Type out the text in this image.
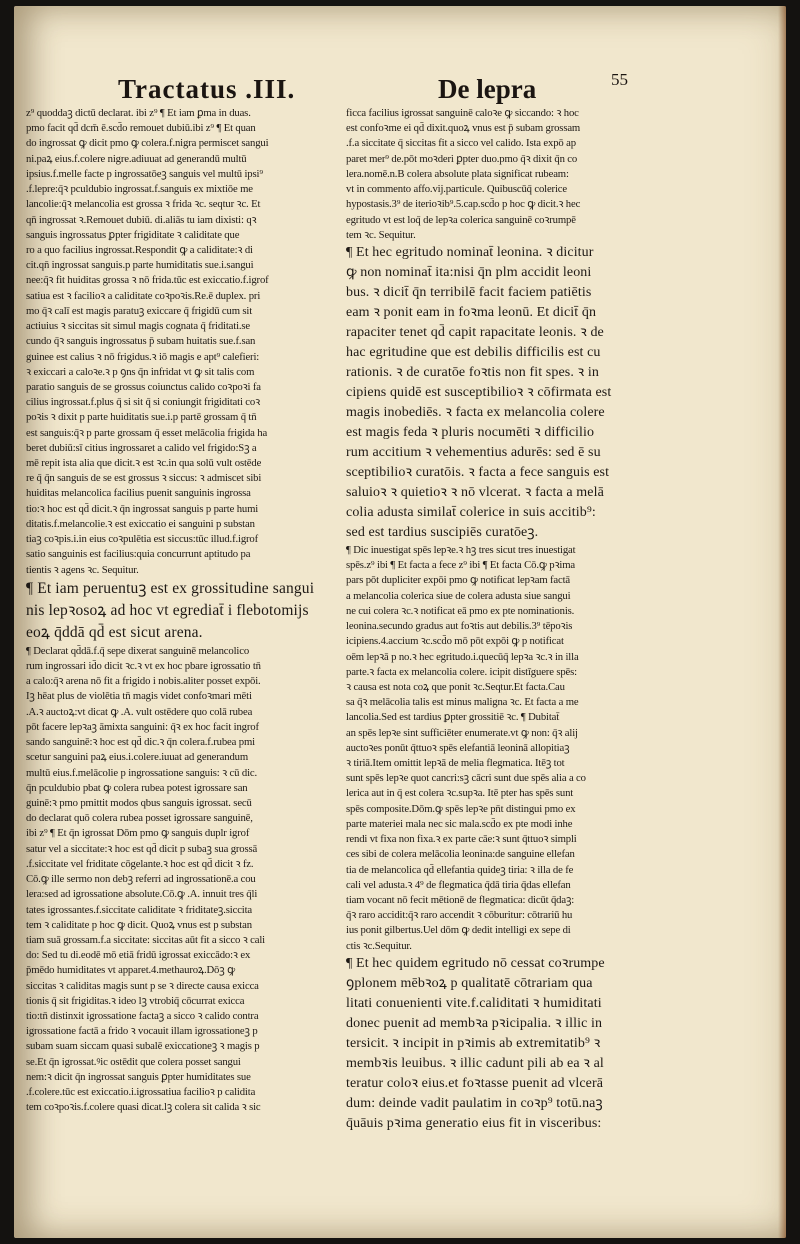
Tractatus .III.	De lepra	55
z⁹ quoddaꝫ dictū declarat. ibi z⁹ ¶ Et iam ꝑma in duas.
pmo facit qd̄ dcm̄ ē.scd̄o remouet dubiū.ibi z⁹ ¶ Et quan
do ingrossat ꝙ dicit pmo ꝙ colera.f.nigra permiscet sangui
ni.paꝝ eius.f.colere nigre.adiuuat ad generandū multū
ipsius.f.melle facte p ingrossatōeꝫ sanguis vel multū ipsi⁹
.f.lepre:q̄ꝛ pculdubio ingrossat.f.sanguis ex mixtiōe me
lancolie:q̄ꝛ melancolia est grossa ꝛ frida ꝛc. seqtur ꝛc. Et
qn̄ ingrossat ꝛ.Remouet dubiū. di.aliās tu iam dixisti: qꝛ
sanguis ingrossatus ꝑpter frigiditate ꝛ caliditate que
ro a quo facilius ingrossat.Respondit ꝙ a caliditate:ꝛ di
cit.qn̄ ingrossat sanguis.p parte humiditatis sue.i.sangui
nee:q̄ꝛ fit huiditas grossa ꝛ nō frida.tūc est exiccatio.f.igrof
satiua est ꝛ facilioꝛ a caliditate coꝛpoꝛis.Re.ē duplex. pri
mo q̄ꝛ calī est magis paratuꝫ exiccare q̄ frigidū cum sit
actiuius ꝛ siccitas sit simul magis cognata q̄ friditati.se
cundo q̄ꝛ sanguis ingrossatus p̄ subam huitatis sue.f.san
guinee est calius ꝛ nō frigidus.ꝛ iō magis e apt⁹ calefieri:
ꝛ exiccari a caloꝛe.ꝛ p ꝯns q̄n infridat vt ꝙ sit talis com
paratio sanguis de se grossus coiunctus calido coꝛpoꝛi fa
cilius ingrossat.f.plus q̄ si sit q̄ si coniungit frigiditati coꝛ
poꝛis ꝛ dixit p parte huiditatis sue.i.p partē grossam q̄ tn̄
est sanguis:q̄ꝛ p parte grossam q̄ esset melācolia frigida ha
beret dubiū:sī citius ingrossaret a calido vel frigido:Sꝫ a
mē repit ista alia que dicit.ꝛ est ꝛc.in qua solū vult ostēde
re q̄ q̄n sanguis de se est grossus ꝛ siccus: ꝛ admiscet sibi
huiditas melancolica facilius puenit sanguinis ingrossa
tio:ꝛ hoc est qd̄ dicit.ꝛ q̄n ingrossat sanguis p parte humi
ditatis.f.melancolie.ꝛ est exiccatio ei sanguini p substan
tiaꝫ coꝛpis.i.in eius coꝛpulētia est siccus:tūc illud.f.igrof
satio sanguinis est facilius:quia concurrunt aptitudo pa
tientis ꝛ agens ꝛc. Sequitur.
¶ Et iam peruentuꝫ est ex grossitudine sangui
nis lepꝛosoꝝ ad hoc vt egrediat̄ i flebotomijs
eoꝝ q̄ddā qd̄ est sicut arena.
¶ Declarat qd̄dā.f.q̄ sepe dixerat sanguinē melancolico
rum ingrossari id̄o dicit ꝛc.ꝛ vt ex hoc pbare igrossatio tn̄
a calo:q̄ꝛ arena nō fit a frigido i nobis.aliter posset expōi.
Iꝫ hēat plus de violētia tn̄ magis videt confoꝛmari mēti
.A.ꝛ auctoꝝ:vt dicat ꝙ .A. vult ostēdere quo colā rubea
pōt facere lepꝛaꝫ āmixta sanguini: q̄ꝛ ex hoc facit ingrof
sando sanguinē:ꝛ hoc est qd̄ dic.ꝛ q̄n colera.f.rubea pmi
scetur sanguini paꝝ eius.i.colere.iuuat ad generandum
multū eius.f.melācolie p ingrossatione sanguis: ꝛ cū dic.
q̄n pculdubio pbat ꝙ colera rubea potest igrossare san
guinē:ꝛ pmo pmittit modos qbus sanguis igrossat. secū
do declarat quō colera rubea posset igrossare sanguinē,
ibi z⁹ ¶ Et q̄n igrossat Dōm pmo ꝙ sanguis duplr igrof
satur vel a siccitate:ꝛ hoc est qd̄ dicit p subaꝫ sua grossā
.f.siccitate vel friditate cōgelante.ꝛ hoc est qd̄ dicit ꝛ fz.
Cō.ꝙ ille sermo non debꝫ referri ad ingrossationē.a cou
lera:sed ad igrossatione absolute.Cō.ꝙ .A. innuit tres q̄li
tates igrossantes.f.siccitate caliditate ꝛ friditateꝫ.siccita
tem ꝛ caliditate p hoc ꝙ dicit. Quoꝝ vnus est p substan
tiam suā grossam.f.a siccitate: siccitas aūt fit a sicco ꝛ cali
do: Sed tu di.eodē mō etiā fridū igrossat exiccādo:ꝛ ex
p̄mēdo humiditates vt apparet.4.methauroꝝ.Dōꝫ ꝙ
siccitas ꝛ caliditas magis sunt p se ꝛ directe causa exicca
tionis q̄ sit frigiditas.ꝛ ideo lꝫ vtrobiq̄ cōcurrat exicca
tio:tn̄ distinxit igrossatione factaꝫ a sicco ꝛ calido contra
igrossatione factā a frido ꝛ vocauit illam igrossationeꝫ p
subam suam siccam quasi subalē exiccationeꝫ ꝛ magis p
se.Et q̄n igrossat.ꝰic ostēdit que colera posset sangui
nem:ꝛ dicit q̄n ingrossat sanguis ꝑpter humiditates sue
.f.colere.tūc est exiccatio.i.igrossatiua facilioꝛ p calidita
tem coꝛpoꝛis.f.colere quasi dicat.lꝫ colera sit calida ꝛ sic
ficca facilius igrossat sanguinē caloꝛe ꝙ siccando: ꝛ hoc
est confoꝛme ei qd̄ dixit.quoꝝ vnus est p̄ subam grossam
.f.a siccitate q̄ siccitas fit a sicco vel calido. Ista expō ap
paret mer⁹ de.pōt moꝛderi ꝑpter duo.pmo q̄ꝛ dixit q̄n co
lera.nomē.n.B colera absolute plata significat rubeam:
vt in commento affo.vij.particule. Quibuscūq̄ colerice
hypostasis.3⁹ de iterioꝛib⁹.5.cap.scd̄o p hoc ꝙ dicit.ꝛ hec
egritudo vt est loq̄ de lepꝛa colerica sanguinē coꝛrumpē
tem ꝛc. Sequitur.
¶ Et hec egritudo nominat̄ leonina. ꝛ dicitur
ꝙ non nominat̄ ita:nisi q̄n plm accidit leoni
bus. ꝛ dicit̄ q̄n terribilē facit faciem patiētis
eam ꝛ ponit eam in foꝛma leonū. Et dicit̄ q̄n
rapaciter tenet qd̄ capit rapacitate leonis. ꝛ de
hac egritudine que est debilis difficilis est cu
rationis. ꝛ de curatōe foꝛtis non fit spes. ꝛ in
cipiens quidē est susceptibilioꝛ ꝛ cōfirmata est
magis inobediēs. ꝛ facta ex melancolia colere
est magis feda ꝛ pluris nocumēti ꝛ difficilio
rum accitium ꝛ vehementius adurēs: sed ē su
sceptibilioꝛ curatōis. ꝛ facta a fece sanguis est
saluioꝛ ꝛ quietioꝛ ꝛ nō vlcerat. ꝛ facta a melā
colia adusta similat̄ colerice in suis accitib⁹:
sed est tardius suscipiēs curatōeꝫ.
¶ Dic inuestigat spēs lepꝛe.ꝛ hꝫ tres sicut tres inuestigat
spēs.z⁹ ibi ¶ Et facta a fece z⁹ ibi ¶ Et facta Cō.ꝙ pꝛima
pars pōt dupliciter expōi pmo ꝙ notificat lepꝛam factā
a melancolia colerica siue de colera adusta siue sangui
ne cui colera ꝛc.ꝛ notificat eā pmo ex pte nominationis.
leonina.secundo gradus aut foꝛtis aut debilis.3⁹ tēpoꝛis
icipiens.4.accium ꝛc.scd̄o mō pōt expōi ꝙ p notificat
oēm lepꝛā p no.ꝛ hec egritudo.i.quecūq̄ lepꝛa ꝛc.ꝛ in illa
parte.ꝛ facta ex melancolia colere. icipit distīguere spēs:
ꝛ causa est nota coꝝ que ponit ꝛc.Seqtur.Et facta.Cau
sa q̄ꝛ melācolia talis est minus maligna ꝛc. Et facta a me
lancolia.Sed est tardius ꝑpter grossitiē ꝛc. ¶ Dubitat̄
an spēs lepꝛe sint sufficiēter enumerate.vt ꝙ non: q̄ꝛ alij
auctoꝛes ponūt q̄ttuoꝛ spēs elefantiā leoninā allopitiaꝫ
ꝛ tiriā.Item omittit lepꝛā de melia flegmatica. Itēꝫ tot
sunt spēs lepꝛe quot cancri:sꝫ cācri sunt due spēs alia a co
lerica aut in q̄ est colera ꝛc.supꝛa. Itē pter has spēs sunt
spēs composite.Dōm.ꝙ spēs lepꝛe pn̄t distingui pmo ex
parte materiei mala nec sic mala.scd̄o ex pte modi inhe
rendi vt fixa non fixa.ꝛ ex parte cāe:ꝛ sunt q̄ttuoꝛ simpli
ces sibi de colera melācolia leonina:de sanguine ellefan
tia de melancolica qd̄ ellefantia quideꝫ tiria: ꝛ illa de fe
cali vel adusta.ꝛ 4⁹ de flegmatica q̄dā tiria q̄das ellefan
tiam vocant nō fecit mētionē de flegmatica: dicūt q̄daꝫ:
q̄ꝛ raro accidit:q̄ꝛ raro accendit ꝛ cōburitur: cōtrariū hu
ius ponit gilbertus.Uel dōm ꝙ dedit intelligi ex sepe di
ctis ꝛc.Sequitur.
¶ Et hec quidem egritudo nō cessat coꝛrumpe
ꝯplonem mēbꝛoꝝ p qualitatē cōtrariam qua
litati conuenienti vite.f.caliditati ꝛ humiditati
donec puenit ad membꝛa pꝛicipalia. ꝛ illic in
tersicit. ꝛ incipit in pꝛimis ab extremitatib⁹ ꝛ
membꝛis leuibus. ꝛ illic cadunt pili ab ea ꝛ al
teratur coloꝛ eius.et foꝛtasse puenit ad vlcerā
dum: deinde vadit paulatim in coꝛp⁹ totū.naꝫ
q̄uāuis pꝛima generatio eius fit in visceribus:
